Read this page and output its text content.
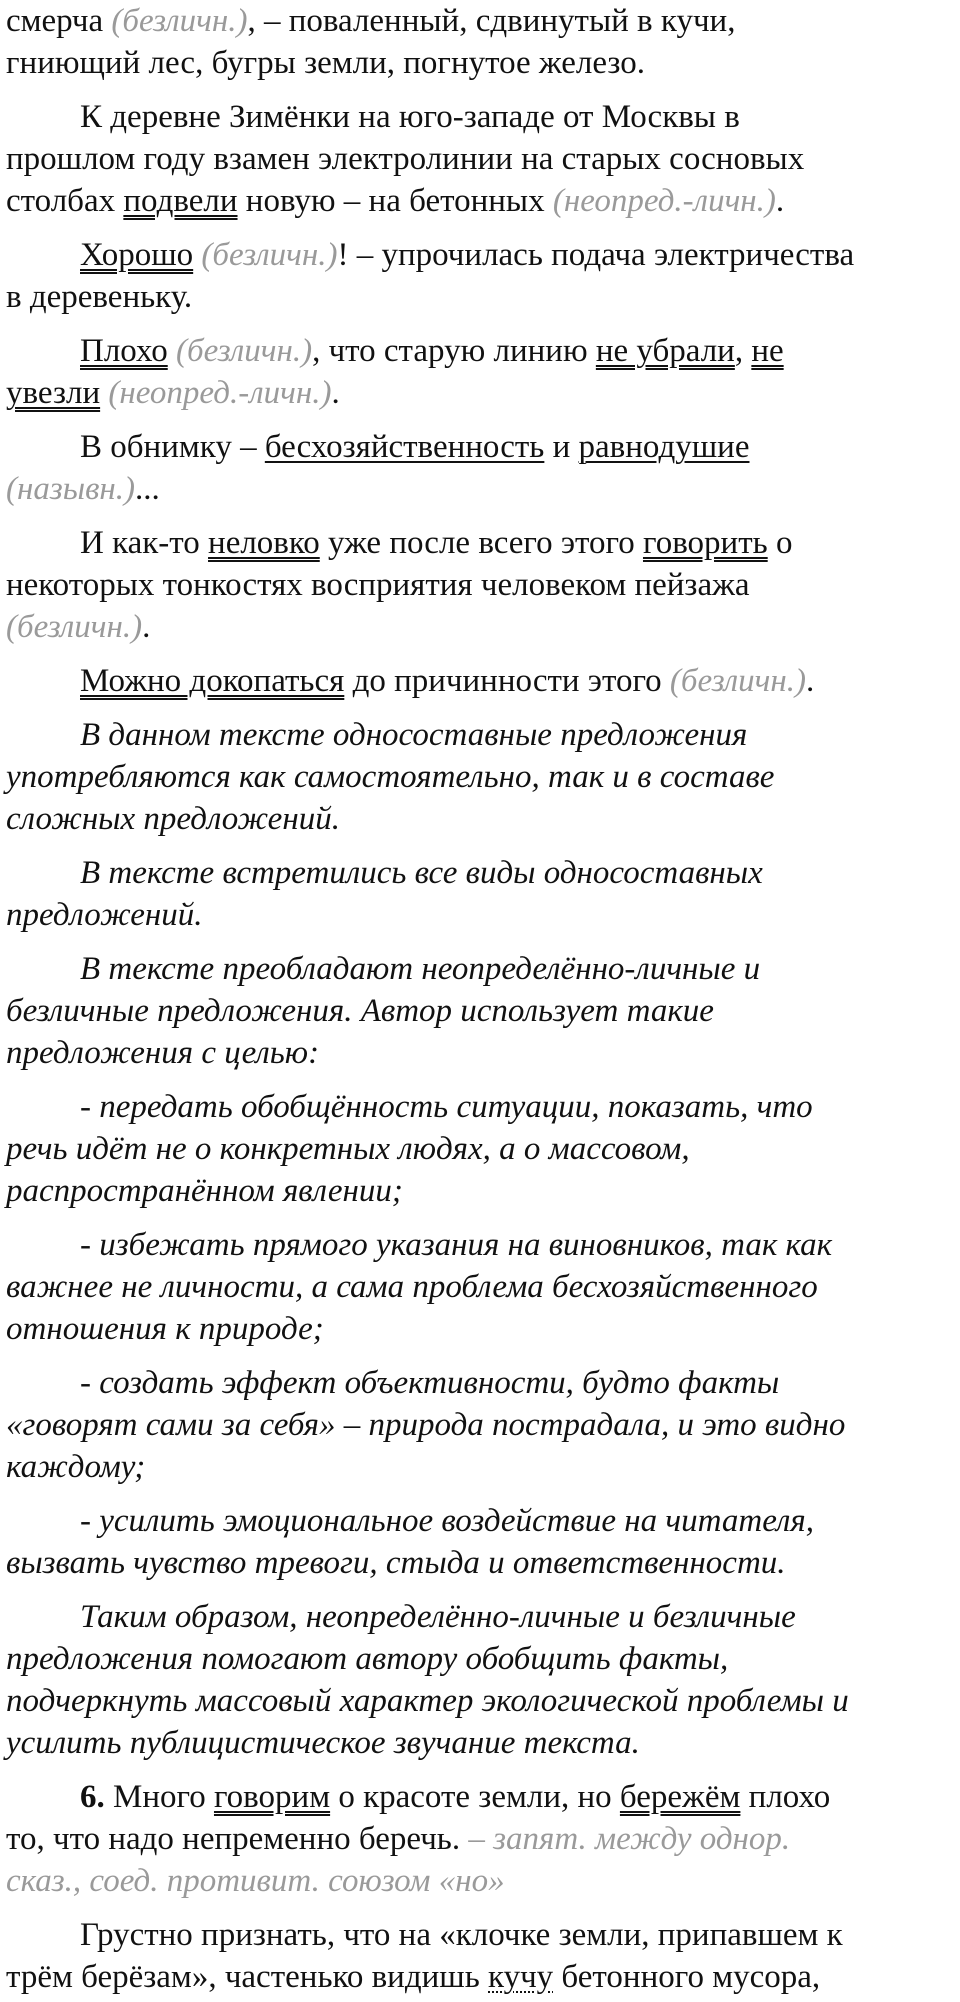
смерча (безличн.), – поваленный, сдвинутый в кучи,
гниющий лес, бугры земли, погнутое железо.
К деревне Зимёнки на юго-западе от Москвы в
прошлом году взамен электролинии на старых сосновых
столбах подвели новую – на бетонных (неопред.-личн.).
Хорошо (безличн.)! – упрочилась подача электричества
в деревеньку.
Плохо (безличн.), что старую линию не убрали, не
увезли (неопред.-личн.).
В обнимку – бесхозяйственность и равнодушие
(назывн.)...
И как-то неловко уже после всего этого говорить о
некоторых тонкостях восприятия человеком пейзажа
(безличн.).
Можно докопаться до причинности этого (безличн.).
В данном тексте односоставные предложения
употребляются как самостоятельно, так и в составе
сложных предложений.
В тексте встретились все виды односоставных
предложений.
В тексте преобладают неопределённо-личные и
безличные предложения. Автор использует такие
предложения с целью:
- передать обобщённость ситуации, показать, что
речь идёт не о конкретных людях, а о массовом,
распространённом явлении;
- избежать прямого указания на виновников, так как
важнее не личности, а сама проблема бесхозяйственного
отношения к природе;
- создать эффект объективности, будто факты
«говорят сами за себя» – природа пострадала, и это видно
каждому;
- усилить эмоциональное воздействие на читателя,
вызвать чувство тревоги, стыда и ответственности.
Таким образом, неопределённо-личные и безличные
предложения помогают автору обобщить факты,
подчеркнуть массовый характер экологической проблемы и
усилить публицистическое звучание текста.
6. Много говорим о красоте земли, но бережём плохо
то, что надо непременно беречь. – запят. между однор.
сказ., соед. противит. союзом «но»
Грустно признать, что на «клочке земли, припавшем к
трём берёзам», частенько видишь кучу бетонного мусора,
